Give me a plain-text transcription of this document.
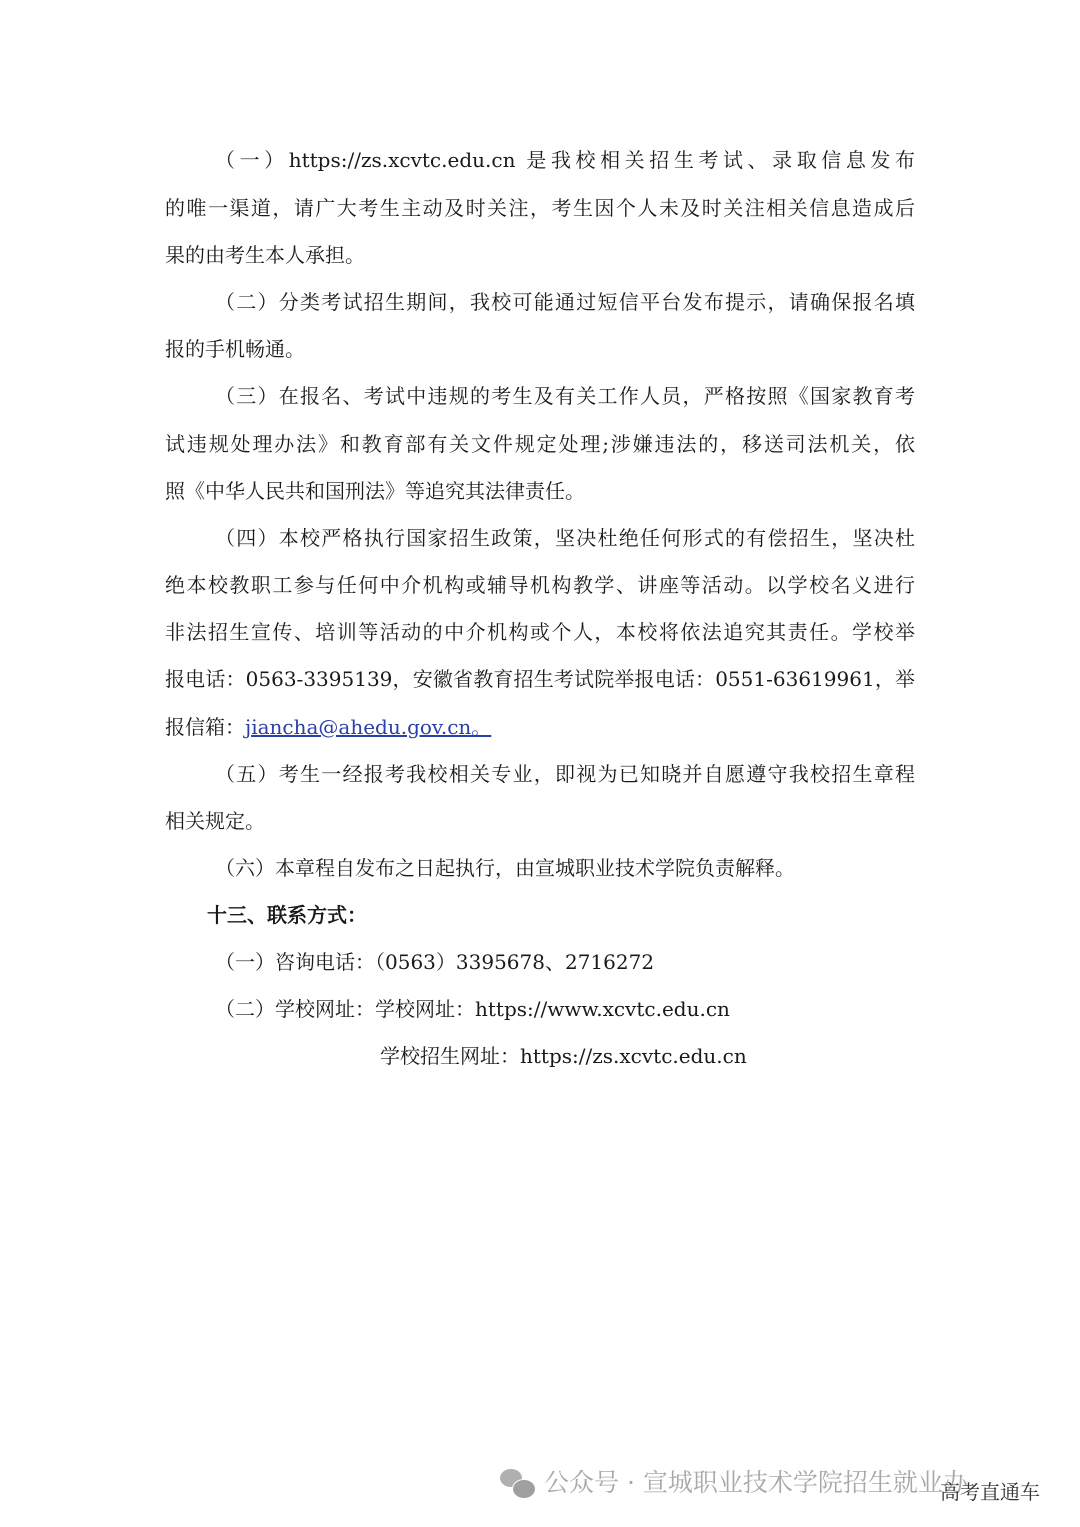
（一）https://zs.xcvtc.edu.cn 是我校相关招生考试、录取信息发布
的唯一渠道，请广大考生主动及时关注，考生因个人未及时关注相关信息造成后
果的由考生本人承担。
（二）分类考试招生期间，我校可能通过短信平台发布提示，请确保报名填
报的手机畅通。
（三）在报名、考试中违规的考生及有关工作人员，严格按照《国家教育考
试违规处理办法》和教育部有关文件规定处理;涉嫌违法的，移送司法机关，依
照《中华人民共和国刑法》等追究其法律责任。
（四）本校严格执行国家招生政策，坚决杜绝任何形式的有偿招生，坚决杜
绝本校教职工参与任何中介机构或辅导机构教学、讲座等活动。以学校名义进行
非法招生宣传、培训等活动的中介机构或个人，本校将依法追究其责任。学校举
报电话：0563-3395139，安徽省教育招生考试院举报电话：0551-63619961，举
报信箱：jiancha@ahedu.gov.cn。
（五）考生一经报考我校相关专业，即视为已知晓并自愿遵守我校招生章程
相关规定。
（六）本章程自发布之日起执行，由宣城职业技术学院负责解释。
十三、联系方式：
（一）咨询电话：（0563）3395678、2716272
（二）学校网址：学校网址：https://www.xcvtc.edu.cn
学校招生网址：https://zs.xcvtc.edu.cn
公众号 · 宣城职业技术学院招生就业办
高考直通车
